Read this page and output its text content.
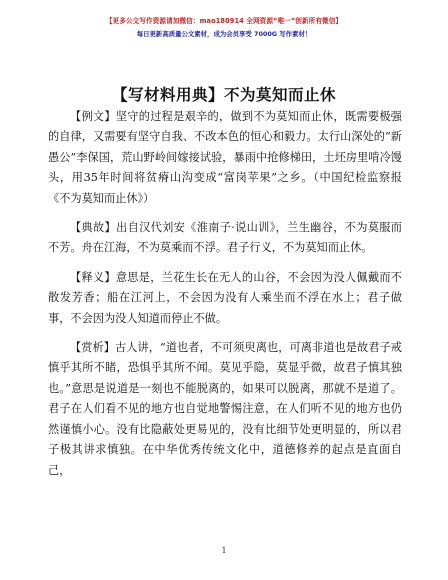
【更多公文写作资源请加微信：mao180914 全网资源“唯一”创新所有微信】
每日更新高质量公文素材，成为会员享受 7000G 写作素材！
【写材料用典】不为莫知而止休

【例文】坚守的过程是艰辛的，做到不为莫知而止休，既需要极强的自律，又需要有坚守自我、不改本色的恒心和毅力。太行山深处的“新愚公”李保国，荒山野岭间嫁接试验，暴雨中抢修梯田，土坯房里啃冷馒头，用35年时间将贫瘠山沟变成“富岗苹果”之乡。（中国纪检监察报《不为莫知而止休》）

【典故】出自汉代刘安《淮南子·说山训》，兰生幽谷，不为莫服而不芳。舟在江海，不为莫乘而不浮。君子行义，不为莫知而止休。

【释义】意思是，兰花生长在无人的山谷，不会因为没人佩戴而不散发芳香；船在江河上，不会因为没有人乘坐而不浮在水上；君子做事，不会因为没人知道而停止不做。

【赏析】古人讲，“道也者，不可须臾离也，可离非道也是故君子戒慎乎其所不睹，恐惧乎其所不闻。莫见乎隐，莫显乎微，故君子慎其独也。”意思是说道是一刻也不能脱离的，如果可以脱离，那就不是道了。君子在人们看不见的地方也自觉地警惕注意，在人们听不见的地方也仍然谨慎小心。没有比隐蔽处更易见的，没有比细节处更明显的，所以君子极其讲求慎独。在中华优秀传统文化中，道德修养的起点是直面自己，

1
